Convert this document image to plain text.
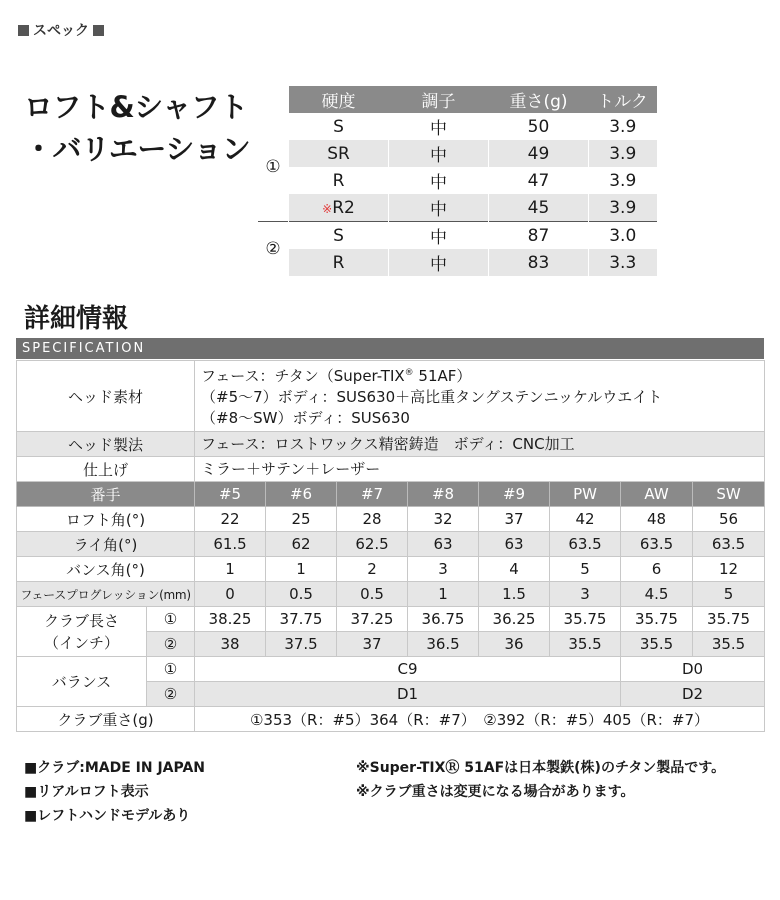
スペック
ロフト&シャフト
・バリエーション
	硬度	調子	重さ(g)	トルク
①	S	中	50	3.9
	SR	中	49	3.9
	R	中	47	3.9
	※R2	中	45	3.9
②	S	中	87	3.0
	R	中	83	3.3
詳細情報
SPECIFICATION
ヘッド素材		フェース：チタン（Super-TIX® 51AF）
（#5〜7）ボディ：SUS630＋高比重タングステンニッケルウエイト
（#8〜SW）ボディ：SUS630							

ヘッド製法		フェース：ロストワックス精密鋳造　ボディ：CNC加工							
仕上げ		ミラー＋サテン＋レーザー							
番手		#5	#6	#7	#8	#9	PW	AW	SW
ロフト角(°)		22	25	28	32	37	42	48	56
ライ角(°)		61.5	62	62.5	63	63	63.5	63.5	63.5
バンス角(°)		1	1	2	3	4	5	6	12
フェースプログレッション(mm)		0	0.5	0.5	1	1.5	3	4.5	5

クラブ長さ
（インチ）	①	38.25	37.75	37.25	36.75	36.25	35.75	35.75	35.75
	②	38	37.5	37	36.5	36	35.5	35.5	35.5
バランス	①	C9						D0	
	②	D1						D2	
クラブ重さ(g)		①353（R：#5）364（R：#7）　②392（R：#5）405（R：#7）							
■クラブ:MADE IN JAPAN
■リアルロフト表示
■レフトハンドモデルあり
※Super-TIXⓇ 51AFは日本製鉄(株)のチタン製品です。
※クラブ重さは変更になる場合があります。
